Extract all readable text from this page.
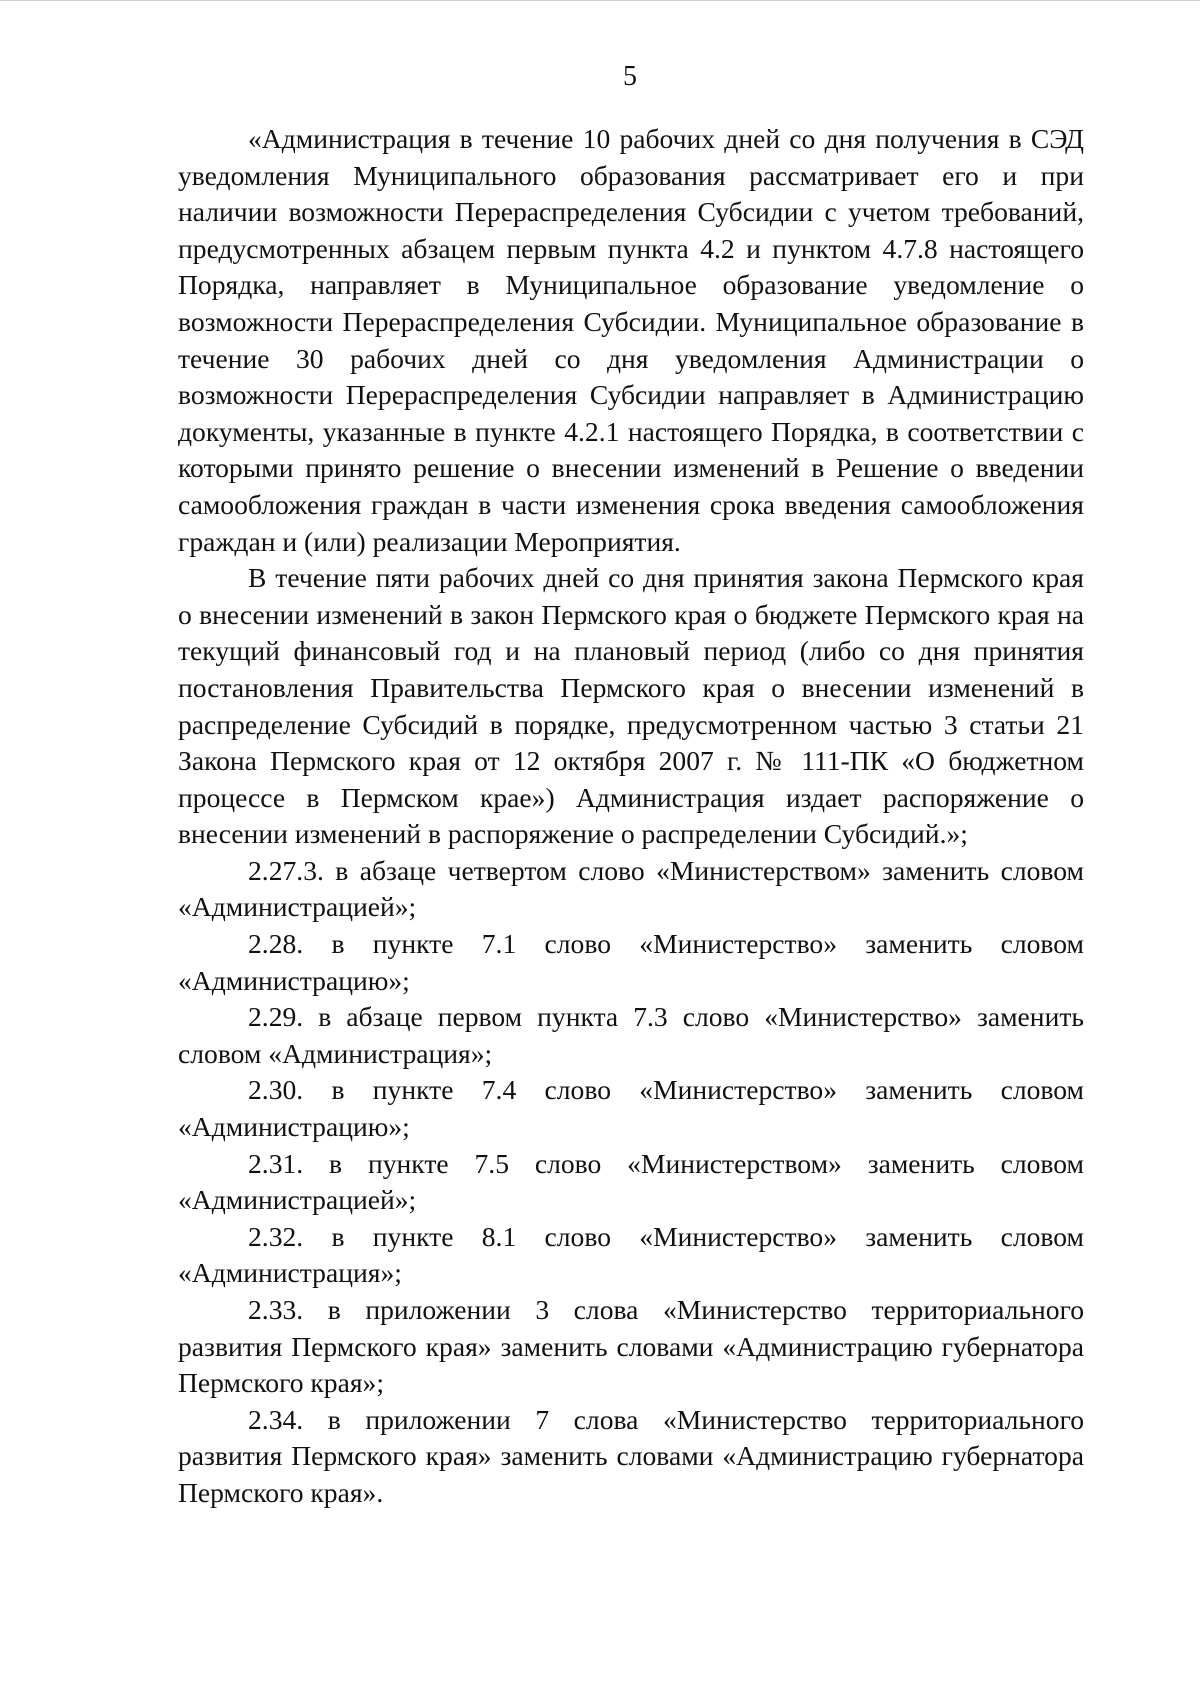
5

«Администрация в течение 10 рабочих дней со дня получения в СЭД уведомления Муниципального образования рассматривает его и при наличии возможности Перераспределения Субсидии с учетом требований, предусмотренных абзацем первым пункта 4.2 и пунктом 4.7.8 настоящего Порядка, направляет в Муниципальное образование уведомление о возможности Перераспределения Субсидии. Муниципальное образование в течение 30 рабочих дней со дня уведомления Администрации о возможности Перераспределения Субсидии направляет в Администрацию документы, указанные в пункте 4.2.1 настоящего Порядка, в соответствии с которыми принято решение о внесении изменений в Решение о введении самообложения граждан в части изменения срока введения самообложения граждан и (или) реализации Мероприятия.

В течение пяти рабочих дней со дня принятия закона Пермского края о внесении изменений в закон Пермского края о бюджете Пермского края на текущий финансовый год и на плановый период (либо со дня принятия постановления Правительства Пермского края о внесении изменений в распределение Субсидий в порядке, предусмотренном частью 3 статьи 21 Закона Пермского края от 12 октября 2007 г. № 111-ПК «О бюджетном процессе в Пермском крае») Администрация издает распоряжение о внесении изменений в распоряжение о распределении Субсидий.»;

2.27.3. в абзаце четвертом слово «Министерством» заменить словом «Администрацией»;

2.28. в пункте 7.1 слово «Министерство» заменить словом «Администрацию»;

2.29. в абзаце первом пункта 7.3 слово «Министерство» заменить словом «Администрация»;

2.30. в пункте 7.4 слово «Министерство» заменить словом «Администрацию»;

2.31. в пункте 7.5 слово «Министерством» заменить словом «Администрацией»;

2.32. в пункте 8.1 слово «Министерство» заменить словом «Администрация»;

2.33. в приложении 3 слова «Министерство территориального развития Пермского края» заменить словами «Администрацию губернатора Пермского края»;

2.34. в приложении 7 слова «Министерство территориального развития Пермского края» заменить словами «Администрацию губернатора Пермского края».
